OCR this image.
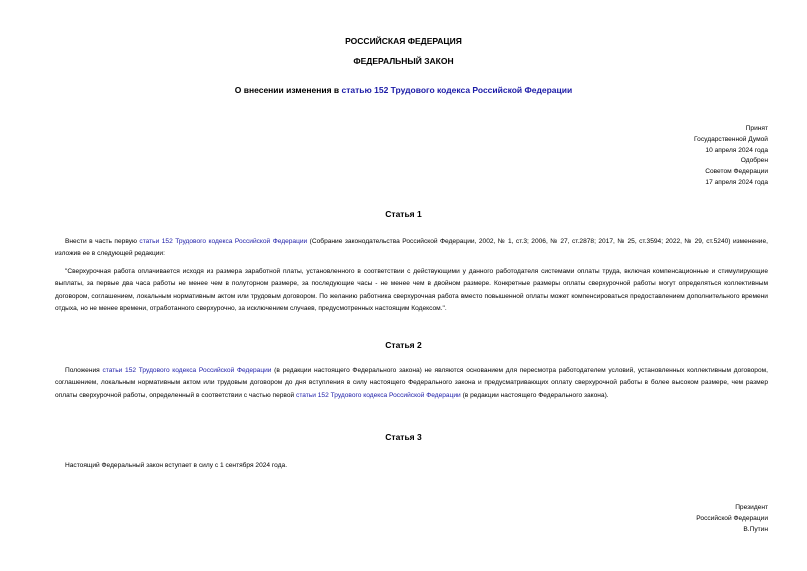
РОССИЙСКАЯ ФЕДЕРАЦИЯ
ФЕДЕРАЛЬНЫЙ ЗАКОН
О внесении изменения в статью 152 Трудового кодекса Российской Федерации
Принят
Государственной Думой
10 апреля 2024 года
Одобрен
Советом Федерации
17 апреля 2024 года
Статья 1
Внести в часть первую статьи 152 Трудового кодекса Российской Федерации (Собрание законодательства Российской Федерации, 2002, № 1, ст.3; 2006, № 27, ст.2878; 2017, № 25, ст.3594; 2022, № 29, ст.5240) изменение, изложив ее в следующей редакции:
"Сверхурочная работа оплачивается исходя из размера заработной платы, установленного в соответствии с действующими у данного работодателя системами оплаты труда, включая компенсационные и стимулирующие выплаты, за первые два часа работы не менее чем в полуторном размере, за последующие часы - не менее чем в двойном размере. Конкретные размеры оплаты сверхурочной работы могут определяться коллективным договором, соглашением, локальным нормативным актом или трудовым договором. По желанию работника сверхурочная работа вместо повышенной оплаты может компенсироваться предоставлением дополнительного времени отдыха, но не менее времени, отработанного сверхурочно, за исключением случаев, предусмотренных настоящим Кодексом.".
Статья 2
Положения статьи 152 Трудового кодекса Российской Федерации (в редакции настоящего Федерального закона) не являются основанием для пересмотра работодателем условий, установленных коллективным договором, соглашением, локальным нормативным актом или трудовым договором до дня вступления в силу настоящего Федерального закона и предусматривающих оплату сверхурочной работы в более высоком размере, чем размер оплаты сверхурочной работы, определенный в соответствии с частью первой статьи 152 Трудового кодекса Российской Федерации (в редакции настоящего Федерального закона).
Статья 3
Настоящий Федеральный закон вступает в силу с 1 сентября 2024 года.
Президент
Российской Федерации
В.Путин
